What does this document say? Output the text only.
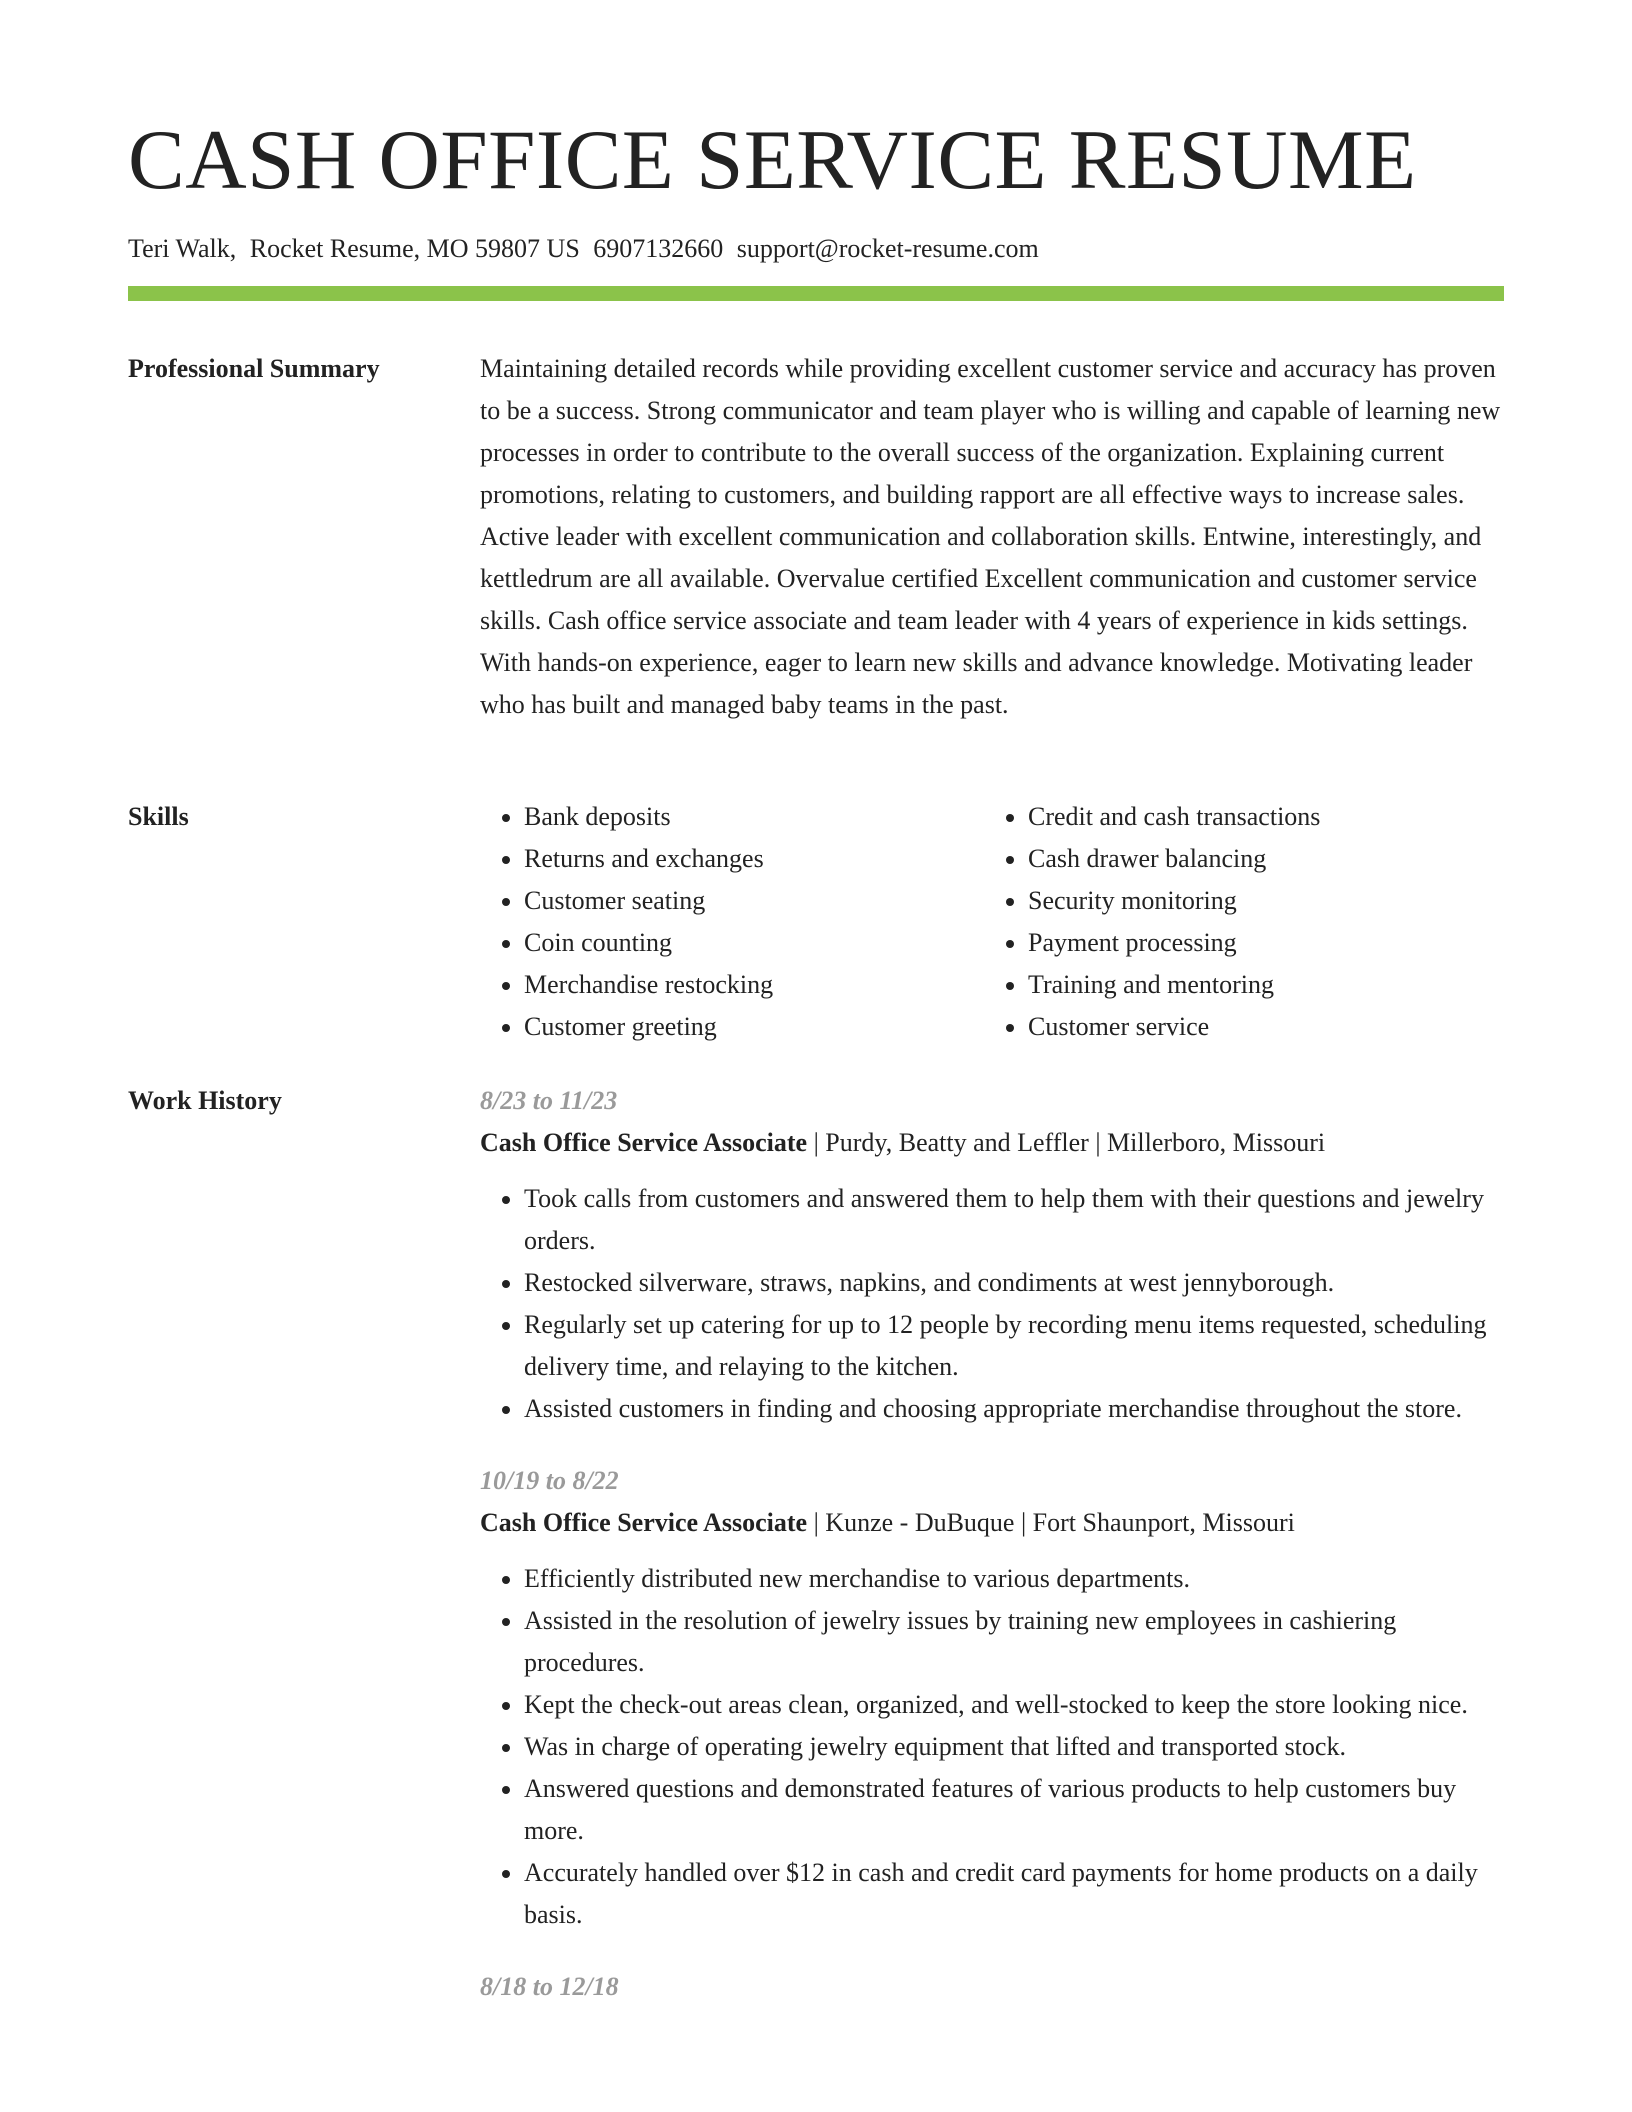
CASH OFFICE SERVICE RESUME
Teri Walk, Rocket Resume, MO 59807 US 6907132660 support@rocket-resume.com
Professional Summary	Maintaining detailed records while providing excellent customer service and accuracy has proven to be a success. Strong communicator and team player who is willing and capable of learning new processes in order to contribute to the overall success of the organization. Explaining current promotions, relating to customers, and building rapport are all effective ways to increase sales. Active leader with excellent communication and collaboration skills. Entwine, interestingly, and kettledrum are all available. Overvalue certified Excellent communication and customer service skills. Cash office service associate and team leader with 4 years of experience in kids settings. With hands-on experience, eager to learn new skills and advance knowledge. Motivating leader who has built and managed baby teams in the past.

Skills
•	Bank deposits
• Returns and exchanges
• Customer seating
• Coin counting
• Merchandise restocking
• Customer greeting
• Credit and cash transactions
• Cash drawer balancing
• Security monitoring
• Payment processing
• Training and mentoring
• Customer service
Work History	8/23 to 11/23
Cash Office Service Associate | Purdy, Beatty and Leffler | Millerboro, Missouri
• Took calls from customers and answered them to help them with their questions and jewelry orders.
• Restocked silverware, straws, napkins, and condiments at west jennyborough.
• Regularly set up catering for up to 12 people by recording menu items requested, scheduling delivery time, and relaying to the kitchen.
• Assisted customers in finding and choosing appropriate merchandise throughout the store.
10/19 to 8/22
Cash Office Service Associate | Kunze - DuBuque | Fort Shaunport, Missouri
• Efficiently distributed new merchandise to various departments.
• Assisted in the resolution of jewelry issues by training new employees in cashiering procedures.
• Kept the check-out areas clean, organized, and well-stocked to keep the store looking nice.
• Was in charge of operating jewelry equipment that lifted and transported stock.
• Answered questions and demonstrated features of various products to help customers buy more.
• Accurately handled over $12 in cash and credit card payments for home products on a daily basis.
8/18 to 12/18
